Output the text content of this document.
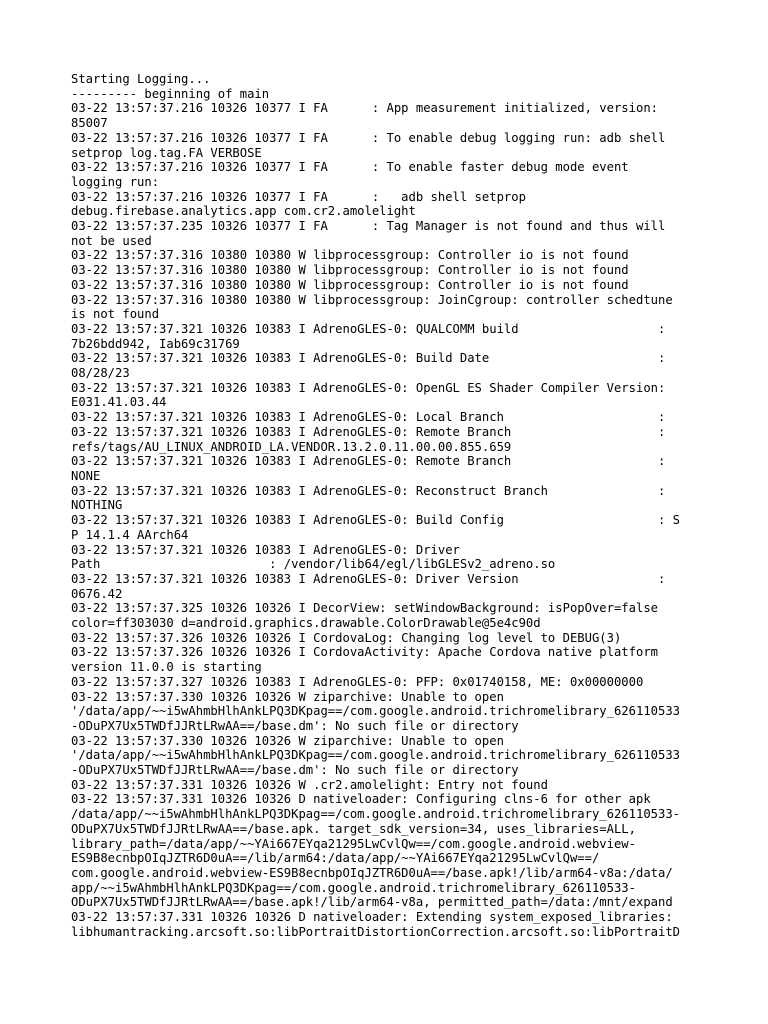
Starting Logging...
--------- beginning of main
03-22 13:57:37.216 10326 10377 I FA      : App measurement initialized, version:
85007
03-22 13:57:37.216 10326 10377 I FA      : To enable debug logging run: adb shell
setprop log.tag.FA VERBOSE
03-22 13:57:37.216 10326 10377 I FA      : To enable faster debug mode event
logging run:
03-22 13:57:37.216 10326 10377 I FA      :   adb shell setprop
debug.firebase.analytics.app com.cr2.amolelight
03-22 13:57:37.235 10326 10377 I FA      : Tag Manager is not found and thus will
not be used
03-22 13:57:37.316 10380 10380 W libprocessgroup: Controller io is not found
03-22 13:57:37.316 10380 10380 W libprocessgroup: Controller io is not found
03-22 13:57:37.316 10380 10380 W libprocessgroup: Controller io is not found
03-22 13:57:37.316 10380 10380 W libprocessgroup: JoinCgroup: controller schedtune
is not found
03-22 13:57:37.321 10326 10383 I AdrenoGLES-0: QUALCOMM build                   :
7b26bdd942, Iab69c31769
03-22 13:57:37.321 10326 10383 I AdrenoGLES-0: Build Date                       :
08/28/23
03-22 13:57:37.321 10326 10383 I AdrenoGLES-0: OpenGL ES Shader Compiler Version:
E031.41.03.44
03-22 13:57:37.321 10326 10383 I AdrenoGLES-0: Local Branch                     :
03-22 13:57:37.321 10326 10383 I AdrenoGLES-0: Remote Branch                    :
refs/tags/AU_LINUX_ANDROID_LA.VENDOR.13.2.0.11.00.00.855.659
03-22 13:57:37.321 10326 10383 I AdrenoGLES-0: Remote Branch                    :
NONE
03-22 13:57:37.321 10326 10383 I AdrenoGLES-0: Reconstruct Branch               :
NOTHING
03-22 13:57:37.321 10326 10383 I AdrenoGLES-0: Build Config                     : S
P 14.1.4 AArch64
03-22 13:57:37.321 10326 10383 I AdrenoGLES-0: Driver
Path                       : /vendor/lib64/egl/libGLESv2_adreno.so
03-22 13:57:37.321 10326 10383 I AdrenoGLES-0: Driver Version                   :
0676.42
03-22 13:57:37.325 10326 10326 I DecorView: setWindowBackground: isPopOver=false
color=ff303030 d=android.graphics.drawable.ColorDrawable@5e4c90d
03-22 13:57:37.326 10326 10326 I CordovaLog: Changing log level to DEBUG(3)
03-22 13:57:37.326 10326 10326 I CordovaActivity: Apache Cordova native platform
version 11.0.0 is starting
03-22 13:57:37.327 10326 10383 I AdrenoGLES-0: PFP: 0x01740158, ME: 0x00000000
03-22 13:57:37.330 10326 10326 W ziparchive: Unable to open
'/data/app/~~i5wAhmbHlhAnkLPQ3DKpag==/com.google.android.trichromelibrary_626110533
-ODuPX7Ux5TWDfJJRtLRwAA==/base.dm': No such file or directory
03-22 13:57:37.330 10326 10326 W ziparchive: Unable to open
'/data/app/~~i5wAhmbHlhAnkLPQ3DKpag==/com.google.android.trichromelibrary_626110533
-ODuPX7Ux5TWDfJJRtLRwAA==/base.dm': No such file or directory
03-22 13:57:37.331 10326 10326 W .cr2.amolelight: Entry not found
03-22 13:57:37.331 10326 10326 D nativeloader: Configuring clns-6 for other apk
/data/app/~~i5wAhmbHlhAnkLPQ3DKpag==/com.google.android.trichromelibrary_626110533-
ODuPX7Ux5TWDfJJRtLRwAA==/base.apk. target_sdk_version=34, uses_libraries=ALL,
library_path=/data/app/~~YAi667EYqa21295LwCvlQw==/com.google.android.webview-
ES9B8ecnbpOIqJZTR6D0uA==/lib/arm64:/data/app/~~YAi667EYqa21295LwCvlQw==/
com.google.android.webview-ES9B8ecnbpOIqJZTR6D0uA==/base.apk!/lib/arm64-v8a:/data/
app/~~i5wAhmbHlhAnkLPQ3DKpag==/com.google.android.trichromelibrary_626110533-
ODuPX7Ux5TWDfJJRtLRwAA==/base.apk!/lib/arm64-v8a, permitted_path=/data:/mnt/expand
03-22 13:57:37.331 10326 10326 D nativeloader: Extending system_exposed_libraries:
libhumantracking.arcsoft.so:libPortraitDistortionCorrection.arcsoft.so:libPortraitD
